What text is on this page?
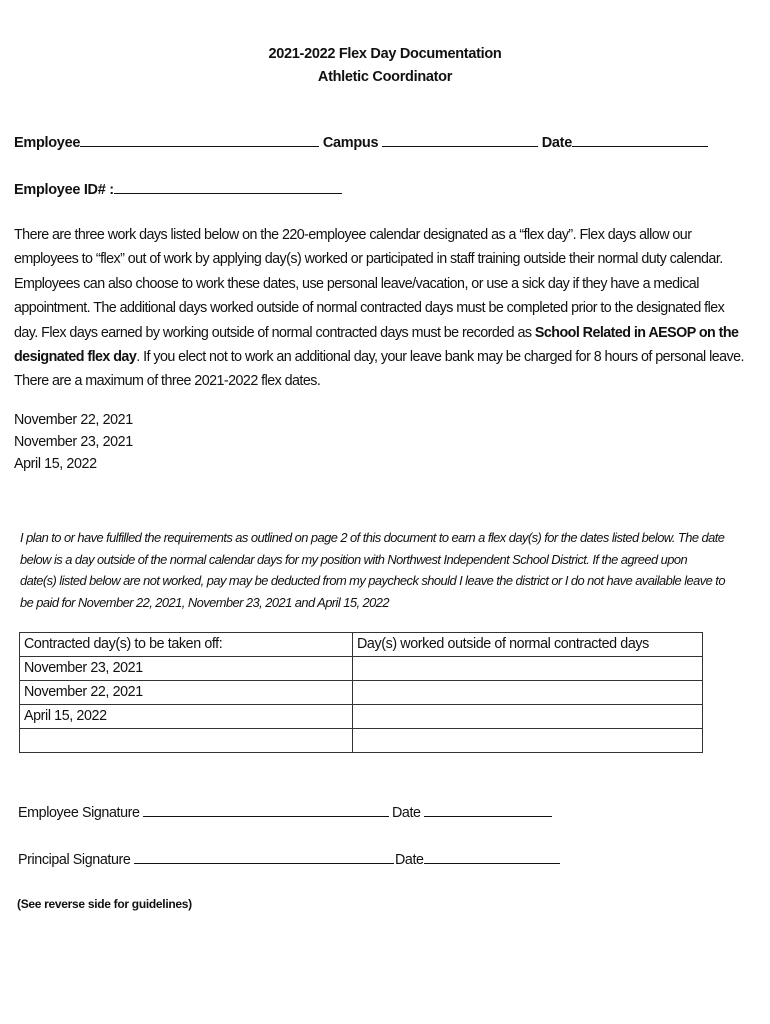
2021-2022 Flex Day Documentation
Athletic Coordinator
Employee	Campus	Date
Employee ID# :
There are three work days listed below on the 220-employee calendar designated as a “flex day”. Flex days allow our employees to “flex” out of work by applying day(s) worked or participated in staff training outside their normal duty calendar. Employees can also choose to work these dates, use personal leave/vacation, or use a sick day if they have a medical appointment. The additional days worked outside of normal contracted days must be completed prior to the designated flex day. Flex days earned by working outside of normal contracted days must be recorded as School Related in AESOP on the designated flex day. If you elect not to work an additional day, your leave bank may be charged for 8 hours of personal leave. There are a maximum of three 2021-2022 flex dates.
November 22, 2021
November 23, 2021
April 15, 2022
I plan to or have fulfilled the requirements as outlined on page 2 of this document to earn a flex day(s) for the dates listed below. The date below is a day outside of the normal calendar days for my position with Northwest Independent School District. If the agreed upon date(s) listed below are not worked, pay may be deducted from my paycheck should I leave the district or I do not have available leave to be paid for November 22, 2021, November 23, 2021 and April 15, 2022
Contracted day(s) to be taken off:	Day(s) worked outside of normal contracted days
November 23, 2021	
November 22, 2021	
April 15, 2022	

Employee Signature	Date
Principal Signature	Date
(See reverse side for guidelines)
